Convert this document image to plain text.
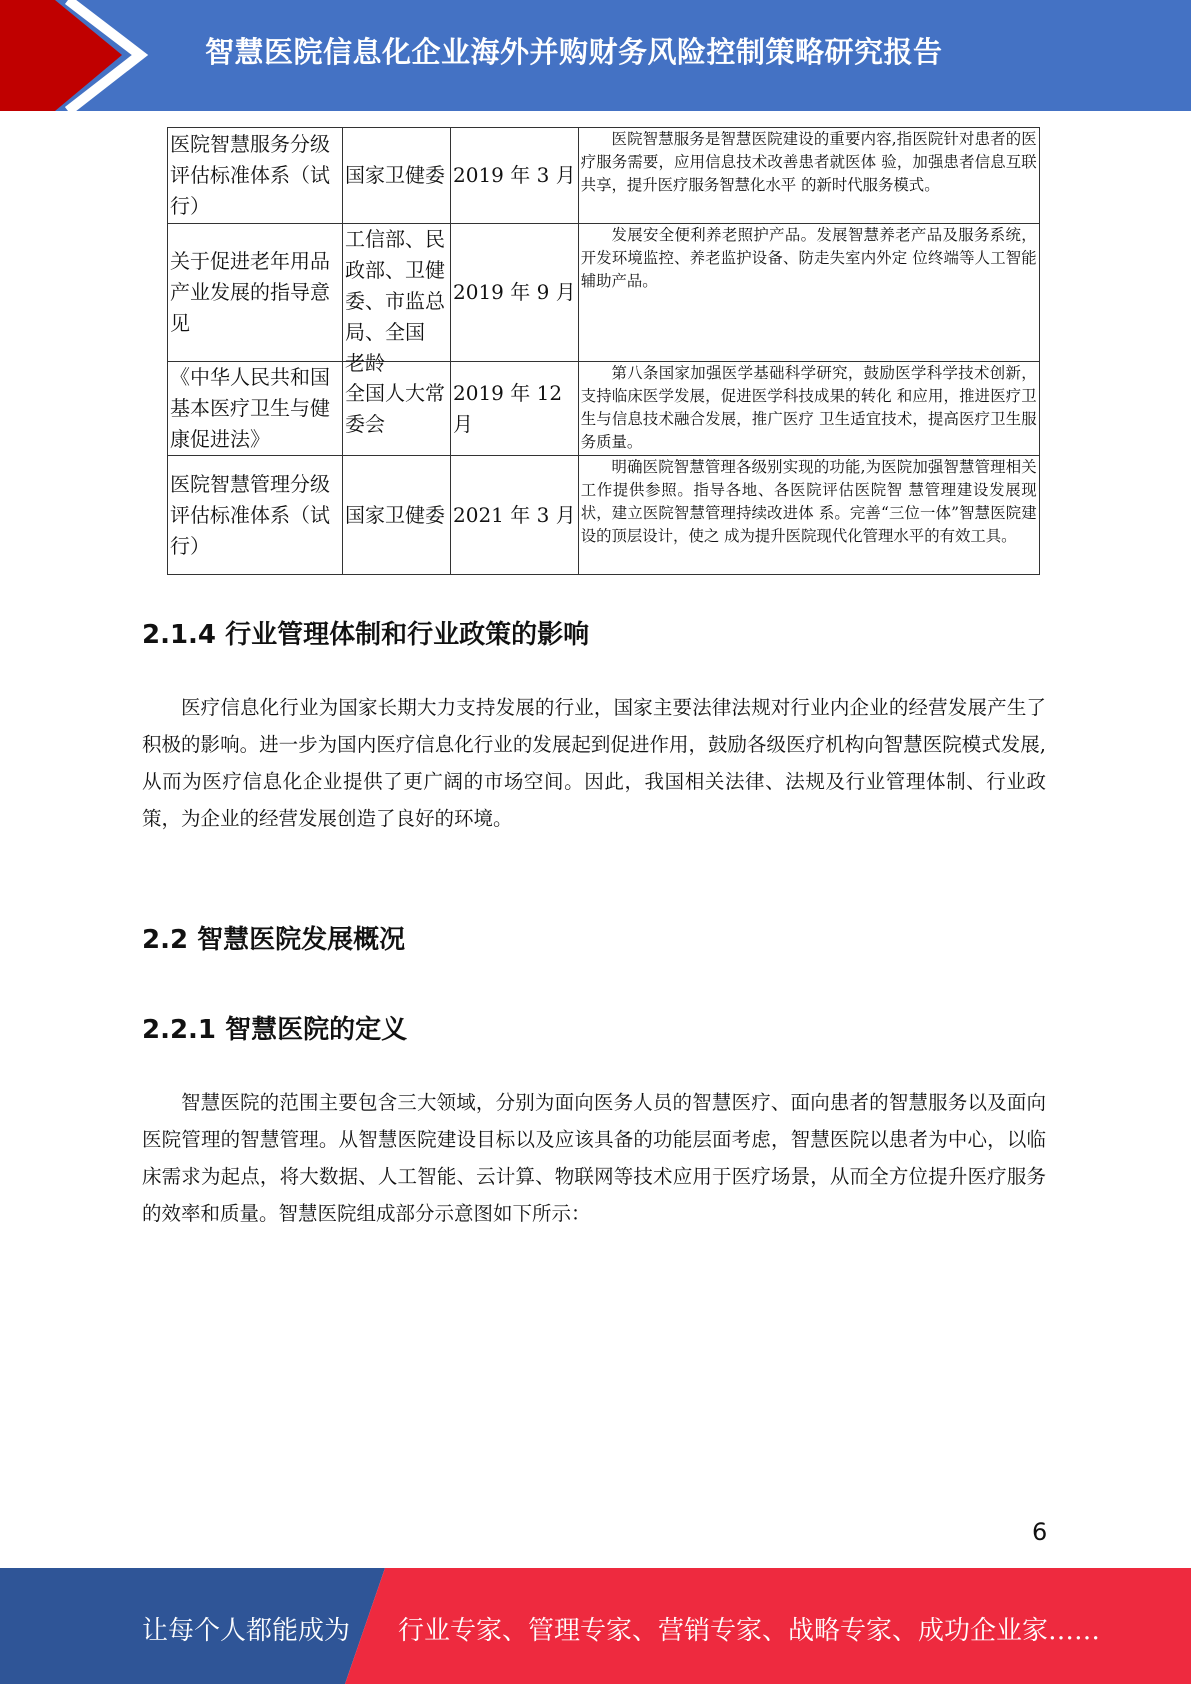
智慧医院信息化企业海外并购财务风险控制策略研究报告
医院智慧服务分级评估标准体系（试行）	国家卫健委	2019 年 3 月	医院智慧服务是智慧医院建设的重要内容,指医院针对患者的医疗服务需要，应用信息技术改善患者就医体 验，加强患者信息互联共享，提升医疗服务智慧化水平 的新时代服务模式。

关于促进老年用品产业发展的指导意见	工信部、民政部、卫健委、市监总 局、全国 老龄	2019 年 9 月	发展安全便利养老照护产品。发展智慧养老产品及服务系统，开发环境监控、养老监护设备、防走失室内外定 位终端等人工智能辅助产品。

《中华人民共和国基本医疗卫生与健康促进法》	全国人大常委会	2019 年 12 月	第八条国家加强医学基础科学研究，鼓励医学科学技术创新，支持临床医学发展，促进医学科技成果的转化 和应用，推进医疗卫生与信息技术融合发展，推广医疗 卫生适宜技术，提高医疗卫生服务质量。

医院智慧管理分级评估标准体系（试行）	国家卫健委	2021 年 3 月	明确医院智慧管理各级别实现的功能,为医院加强智慧管理相关工作提供参照。指导各地、各医院评估医院智 慧管理建设发展现状，建立医院智慧管理持续改进体 系。完善“三位一体”智慧医院建设的顶层设计，使之 成为提升医院现代化管理水平的有效工具。
2.1.4 行业管理体制和行业政策的影响
医疗信息化行业为国家长期大力支持发展的行业，国家主要法律法规对行业内企业的经营发展产生了积极的影响。进一步为国内医疗信息化行业的发展起到促进作用，鼓励各级医疗机构向智慧医院模式发展,从而为医疗信息化企业提供了更广阔的市场空间。因此，我国相关法律、法规及行业管理体制、行业政策，为企业的经营发展创造了良好的环境。
2.2 智慧医院发展概况
2.2.1 智慧医院的定义
智慧医院的范围主要包含三大领域，分别为面向医务人员的智慧医疗、面向患者的智慧服务以及面向医院管理的智慧管理。从智慧医院建设目标以及应该具备的功能层面考虑，智慧医院以患者为中心，以临床需求为起点，将大数据、人工智能、云计算、物联网等技术应用于医疗场景，从而全方位提升医疗服务的效率和质量。智慧医院组成部分示意图如下所示：
6
让每个人都能成为 行业专家、管理专家、营销专家、战略专家、成功企业家……
